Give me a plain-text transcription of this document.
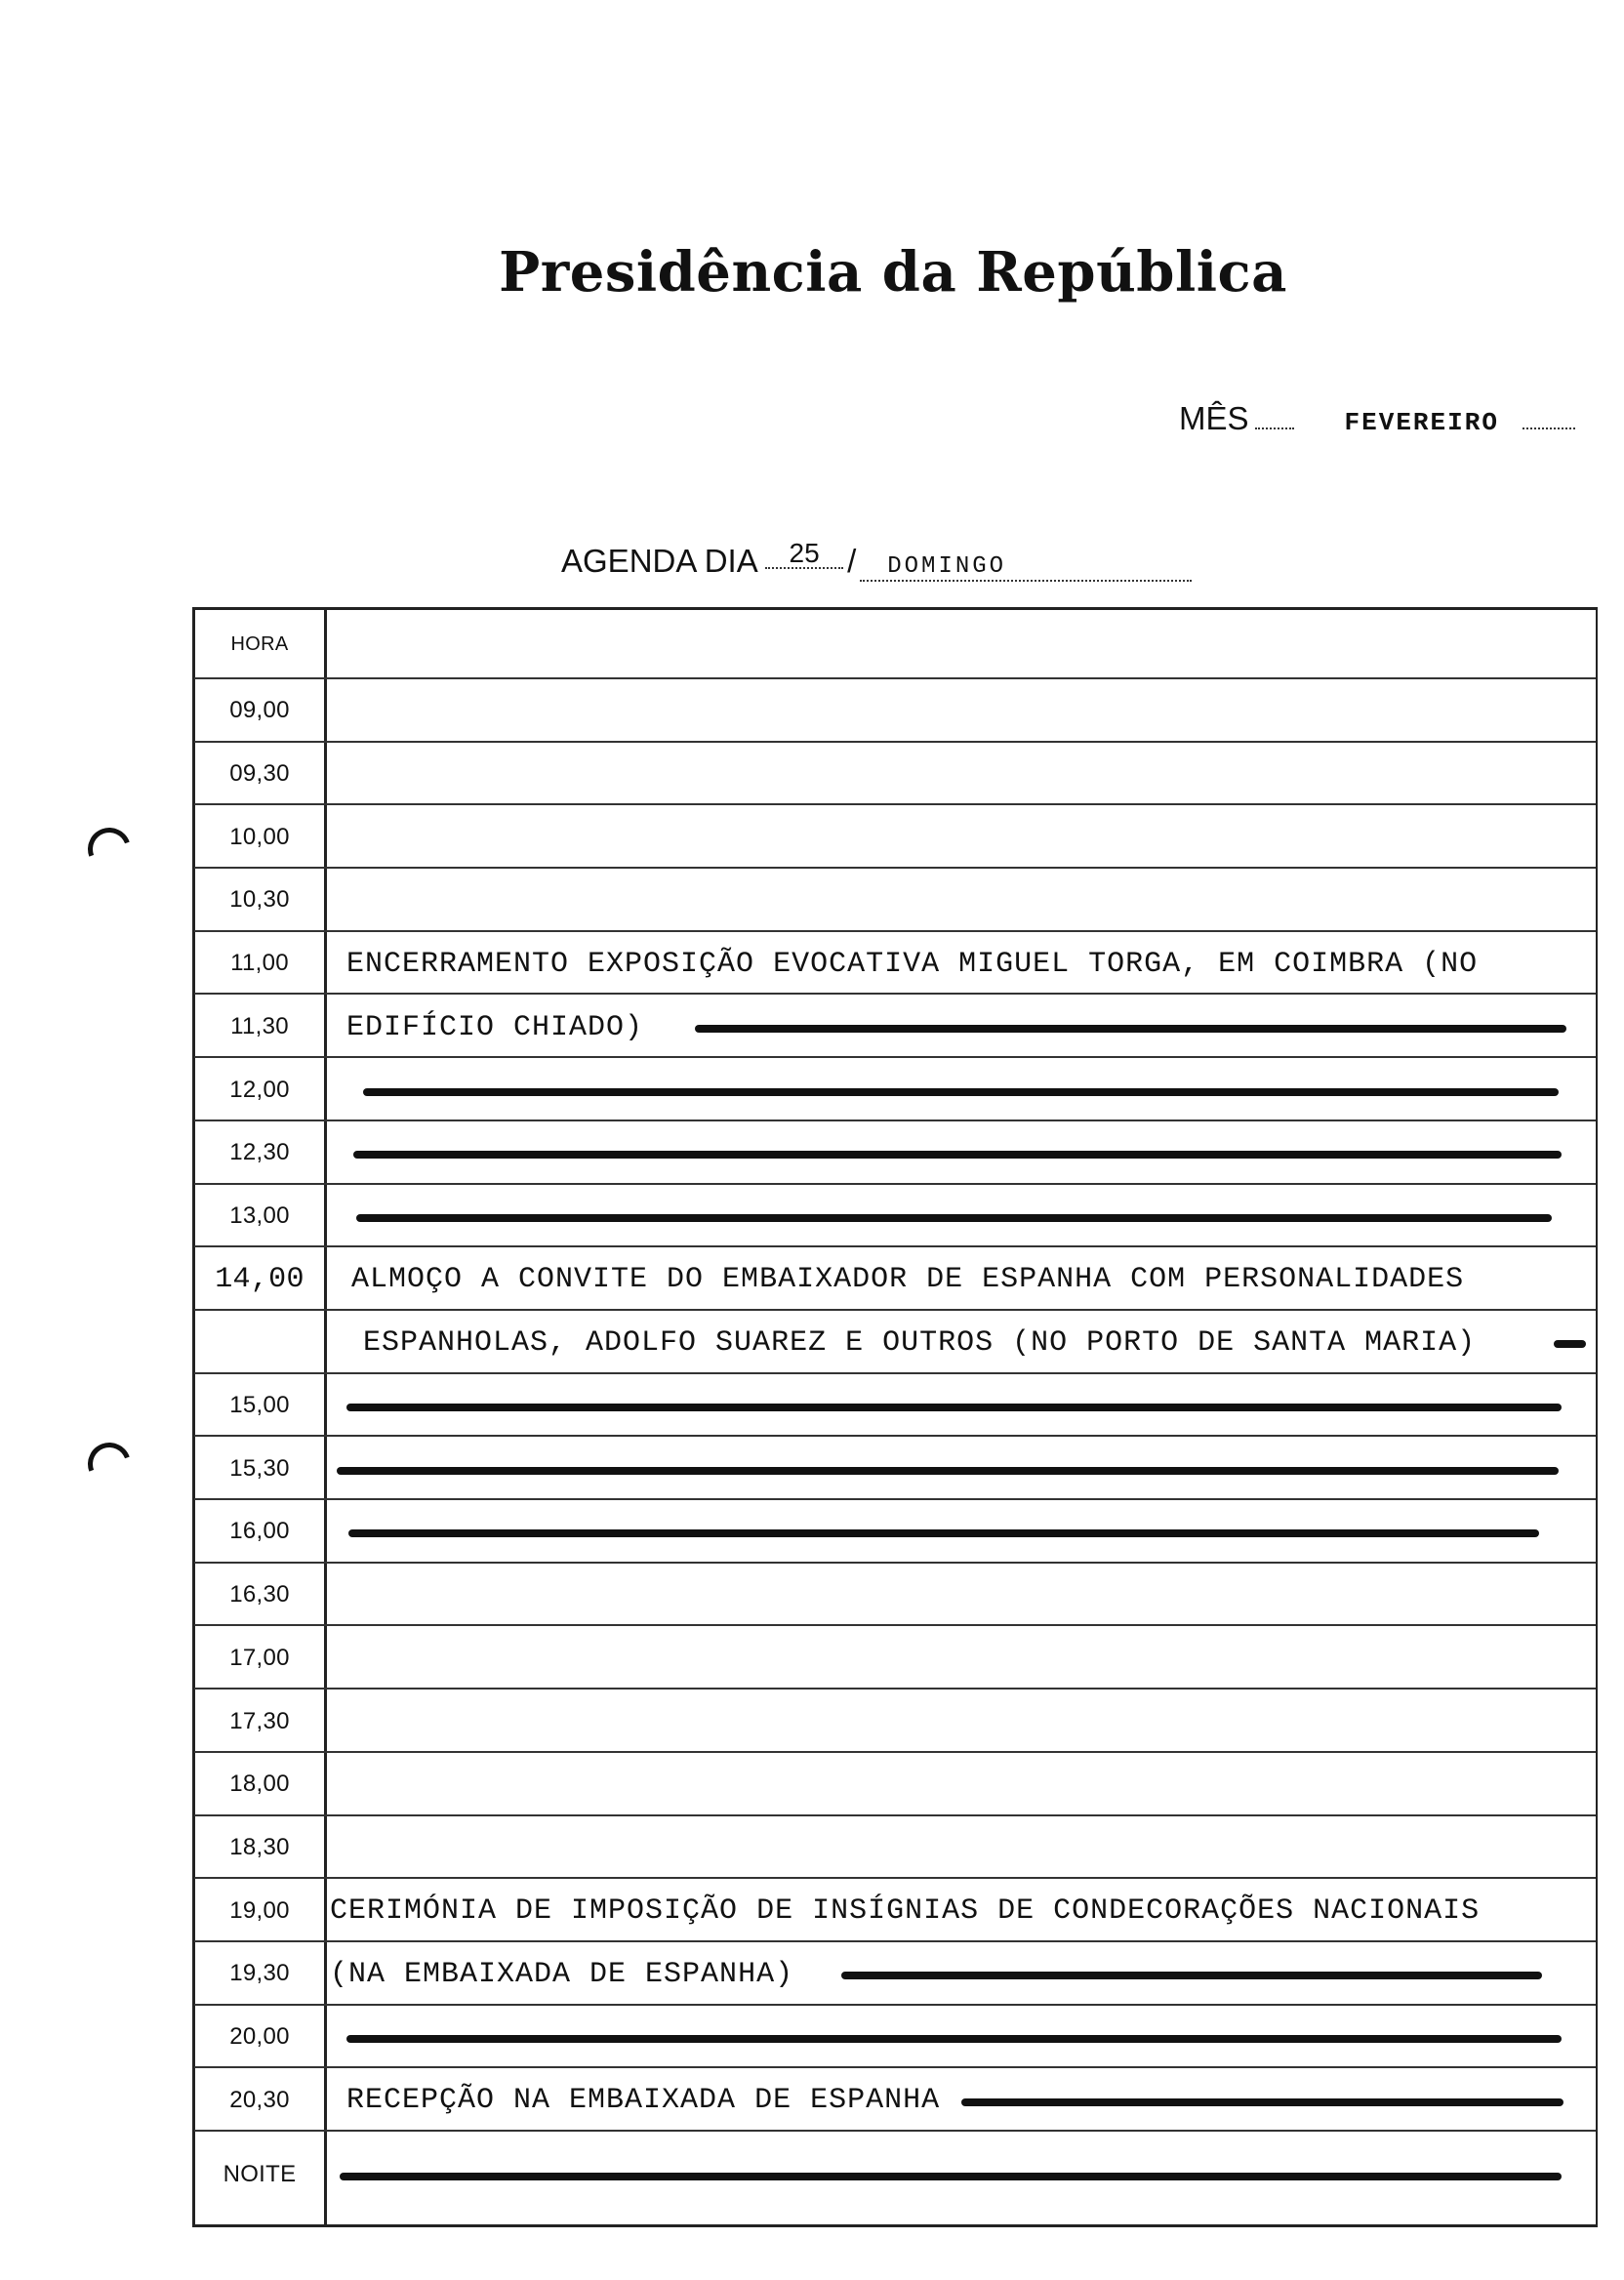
Presidência da República
MÊS	FEVEREIRO
AGENDA DIA 25 / DOMINGO
HORA
09,00
09,30
10,00
10,30
11,00	ENCERRAMENTO EXPOSIÇÃO EVOCATIVA MIGUEL TORGA, EM COIMBRA (NO
11,30	EDIFÍCIO CHIADO)
12,00
12,30
13,00
14,00	ALMOÇO A CONVITE DO EMBAIXADOR DE ESPANHA COM PERSONALIDADES
ESPANHOLAS, ADOLFO SUAREZ E OUTROS (NO PORTO DE SANTA MARIA)
15,00
15,30
16,00
16,30
17,00
17,30
18,00
18,30
19,00	CERIMÓNIA DE IMPOSIÇÃO DE INSÍGNIAS DE CONDECORAÇÕES NACIONAIS
19,30	(NA EMBAIXADA DE ESPANHA)
20,00
20,30	RECEPÇÃO NA EMBAIXADA DE ESPANHA
NOITE
